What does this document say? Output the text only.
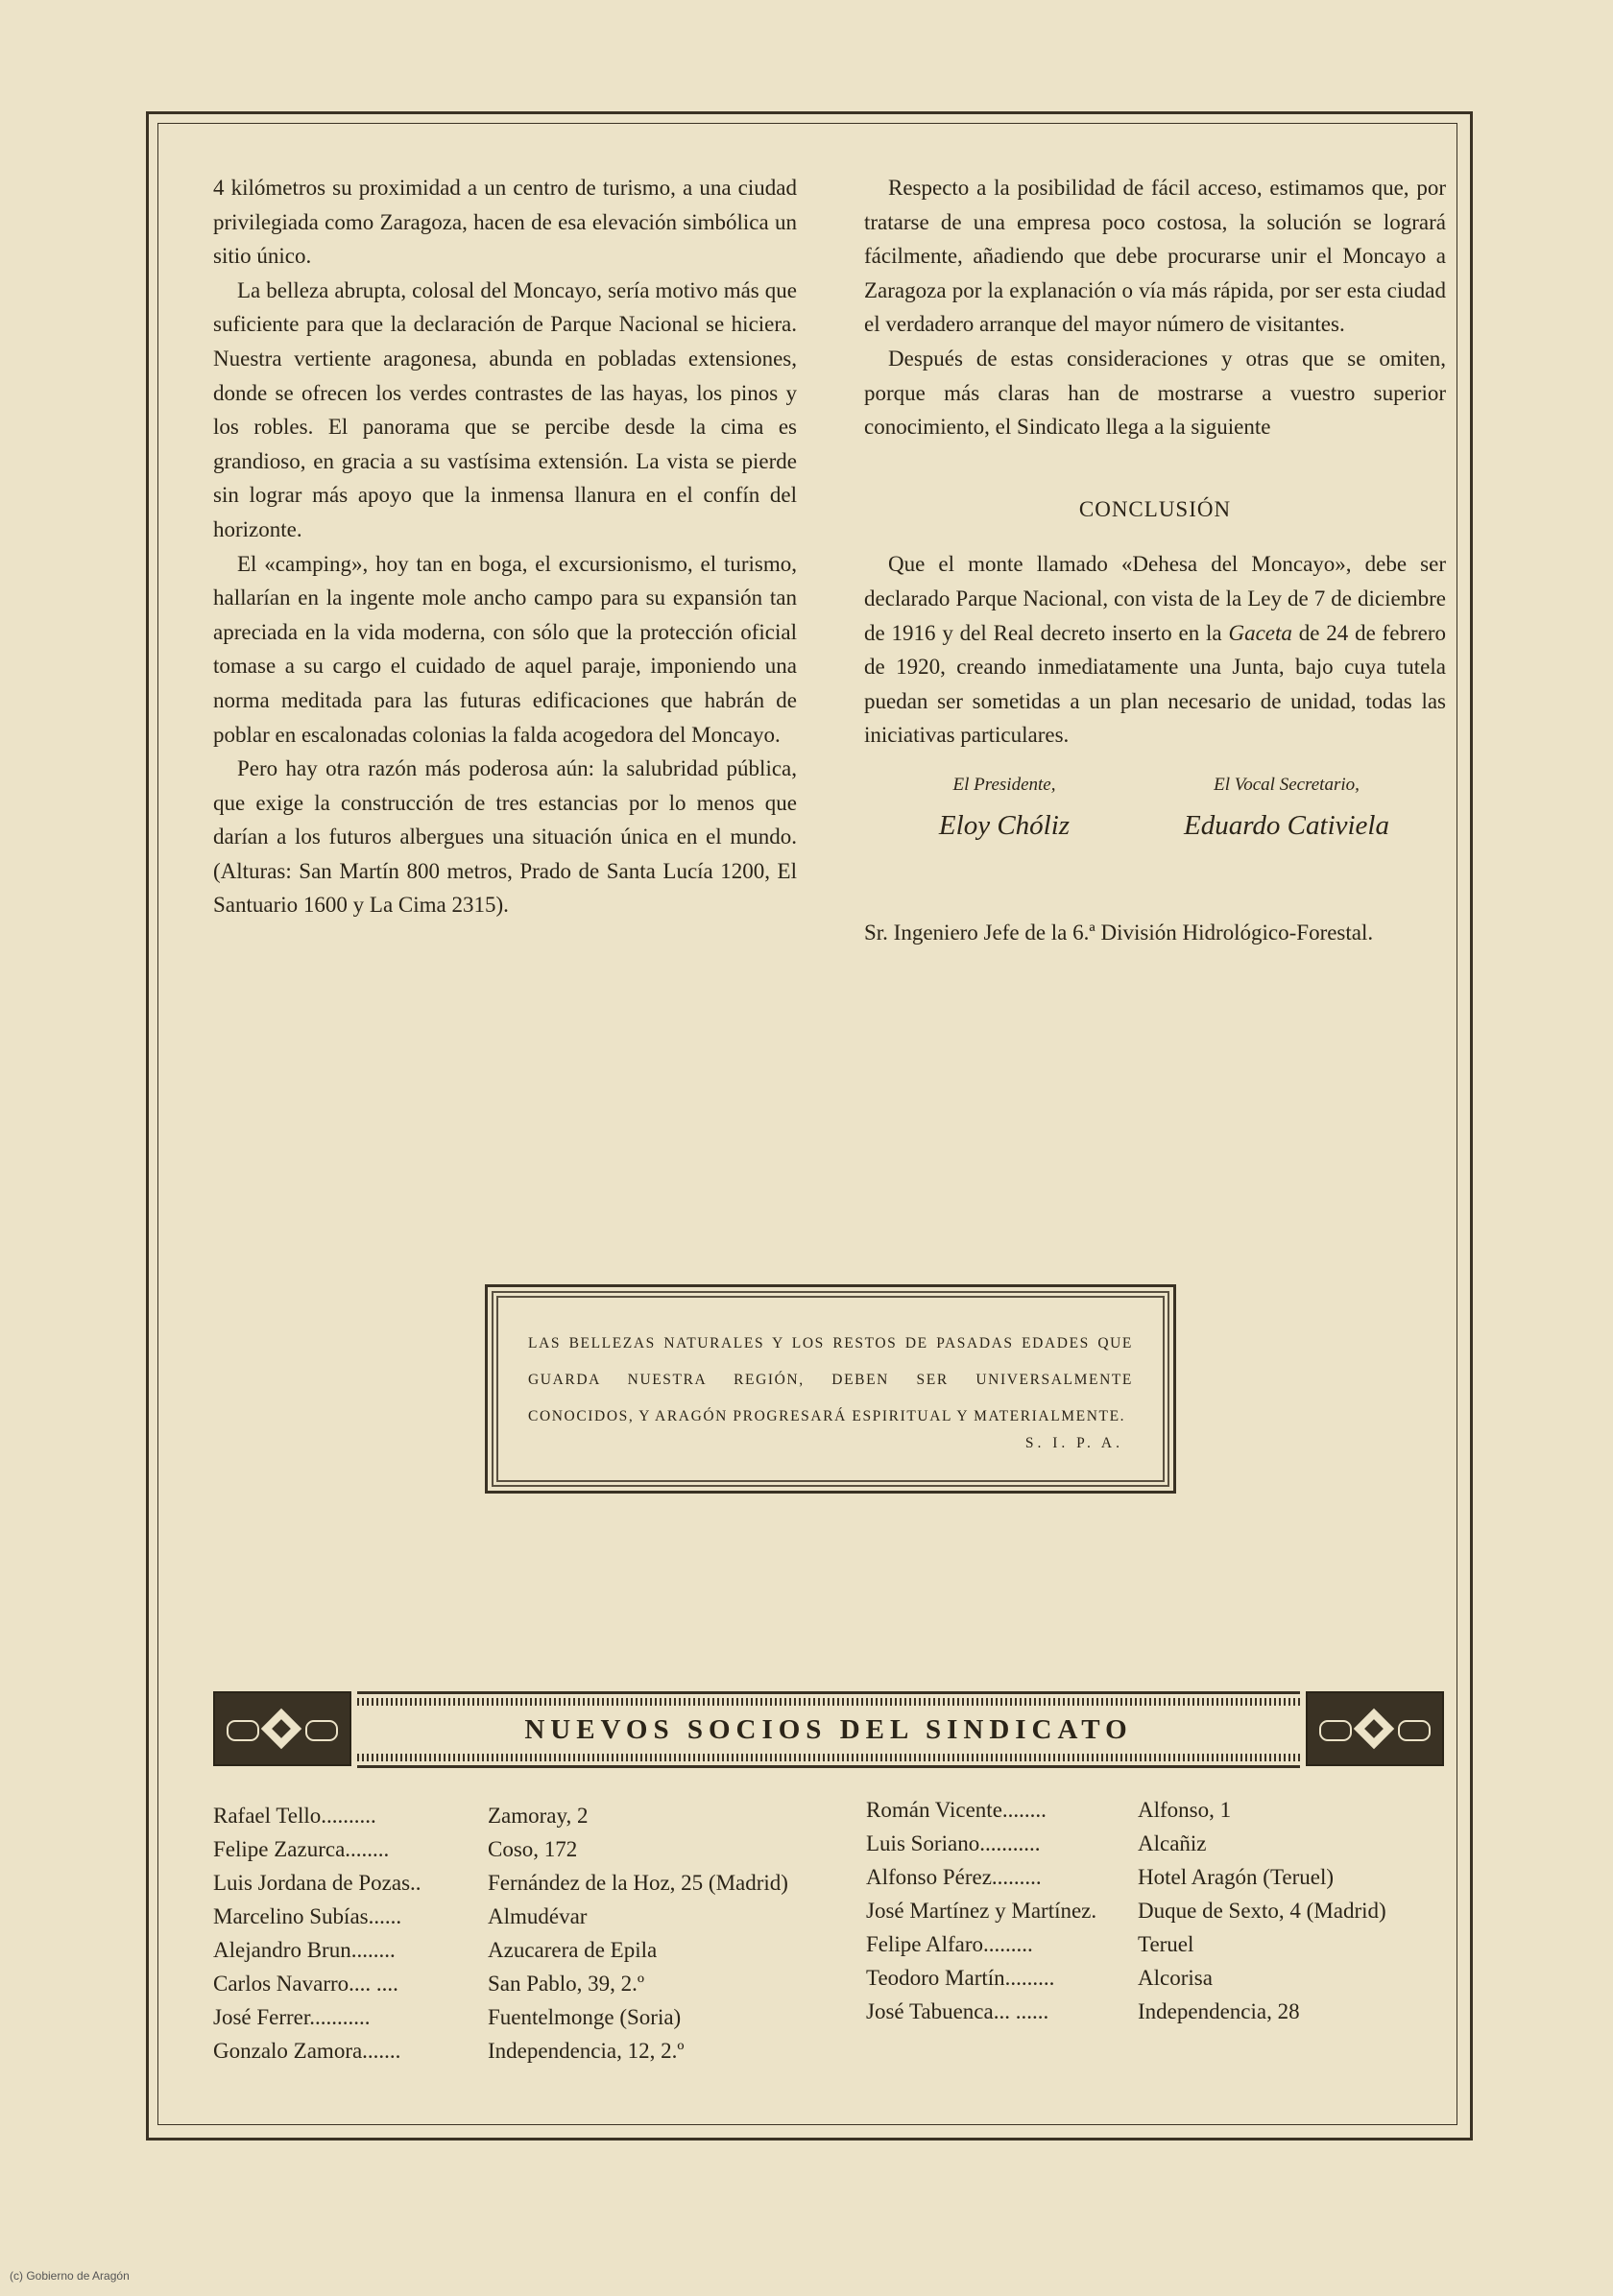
4 kilómetros su proximidad a un centro de turismo, a una ciudad privilegiada como Zaragoza, hacen de esa elevación simbólica un sitio único.

La belleza abrupta, colosal del Moncayo, sería motivo más que suficiente para que la declaración de Parque Nacional se hiciera. Nuestra vertiente aragonesa, abunda en pobladas extensiones, donde se ofrecen los verdes contrastes de las hayas, los pinos y los robles. El panorama que se percibe desde la cima es grandioso, en gracia a su vastísima extensión. La vista se pierde sin lograr más apoyo que la inmensa llanura en el confín del horizonte.

El «camping», hoy tan en boga, el excursionismo, el turismo, hallarían en la ingente mole ancho campo para su expansión tan apreciada en la vida moderna, con sólo que la protección oficial tomase a su cargo el cuidado de aquel paraje, imponiendo una norma meditada para las futuras edificaciones que habrán de poblar en escalonadas colonias la falda acogedora del Moncayo.

Pero hay otra razón más poderosa aún: la salubridad pública, que exige la construcción de tres estancias por lo menos que darían a los futuros albergues una situación única en el mundo. (Alturas: San Martín 800 metros, Prado de Santa Lucía 1200, El Santuario 1600 y La Cima 2315).

Respecto a la posibilidad de fácil acceso, estimamos que, por tratarse de una empresa poco costosa, la solución se logrará fácilmente, añadiendo que debe procurarse unir el Moncayo a Zaragoza por la explanación o vía más rápida, por ser esta ciudad el verdadero arranque del mayor número de visitantes.

Después de estas consideraciones y otras que se omiten, porque más claras han de mostrarse a vuestro superior conocimiento, el Sindicato llega a la siguiente

CONCLUSIÓN

Que el monte llamado «Dehesa del Moncayo», debe ser declarado Parque Nacional, con vista de la Ley de 7 de diciembre de 1916 y del Real decreto inserto en la Gaceta de 24 de febrero de 1920, creando inmediatamente una Junta, bajo cuya tutela puedan ser sometidas a un plan necesario de unidad, todas las iniciativas particulares.

El Presidente,
Eloy Chóliz
El Vocal Secretario,
Eduardo Cativiela

Sr. Ingeniero Jefe de la 6.ª División Hidrológico-Forestal.

LAS BELLEZAS NATURALES Y LOS RESTOS DE PASADAS EDADES QUE GUARDA NUESTRA REGIÓN, DEBEN SER UNIVERSALMENTE CONOCIDOS, Y ARAGÓN PROGRESARÁ ESPIRITUAL Y MATERIALMENTE.
S. I. P. A.
NUEVOS SOCIOS DEL SINDICATO
Rafael Tello..........	Zamoray, 2
Felipe Zazurca........	Coso, 172
Luis Jordana de Pozas..	Fernández de la Hoz, 25 (Madrid)
Marcelino Subías......	Almudévar
Alejandro Brun........	Azucarera de Epila
Carlos Navarro.... ....	San Pablo, 39, 2.º
José Ferrer...........	Fuentelmonge (Soria)
Gonzalo Zamora.......	Independencia, 12, 2.º
Román Vicente........	Alfonso, 1
Luis Soriano...........	Alcañiz
Alfonso Pérez.........	Hotel Aragón (Teruel)
José Martínez y Martínez. Duque de Sexto, 4 (Madrid)
Felipe Alfaro.........	Teruel
Teodoro Martín.........	Alcorisa
José Tabuenca... ......	Independencia, 28
(c) Gobierno de Aragón
